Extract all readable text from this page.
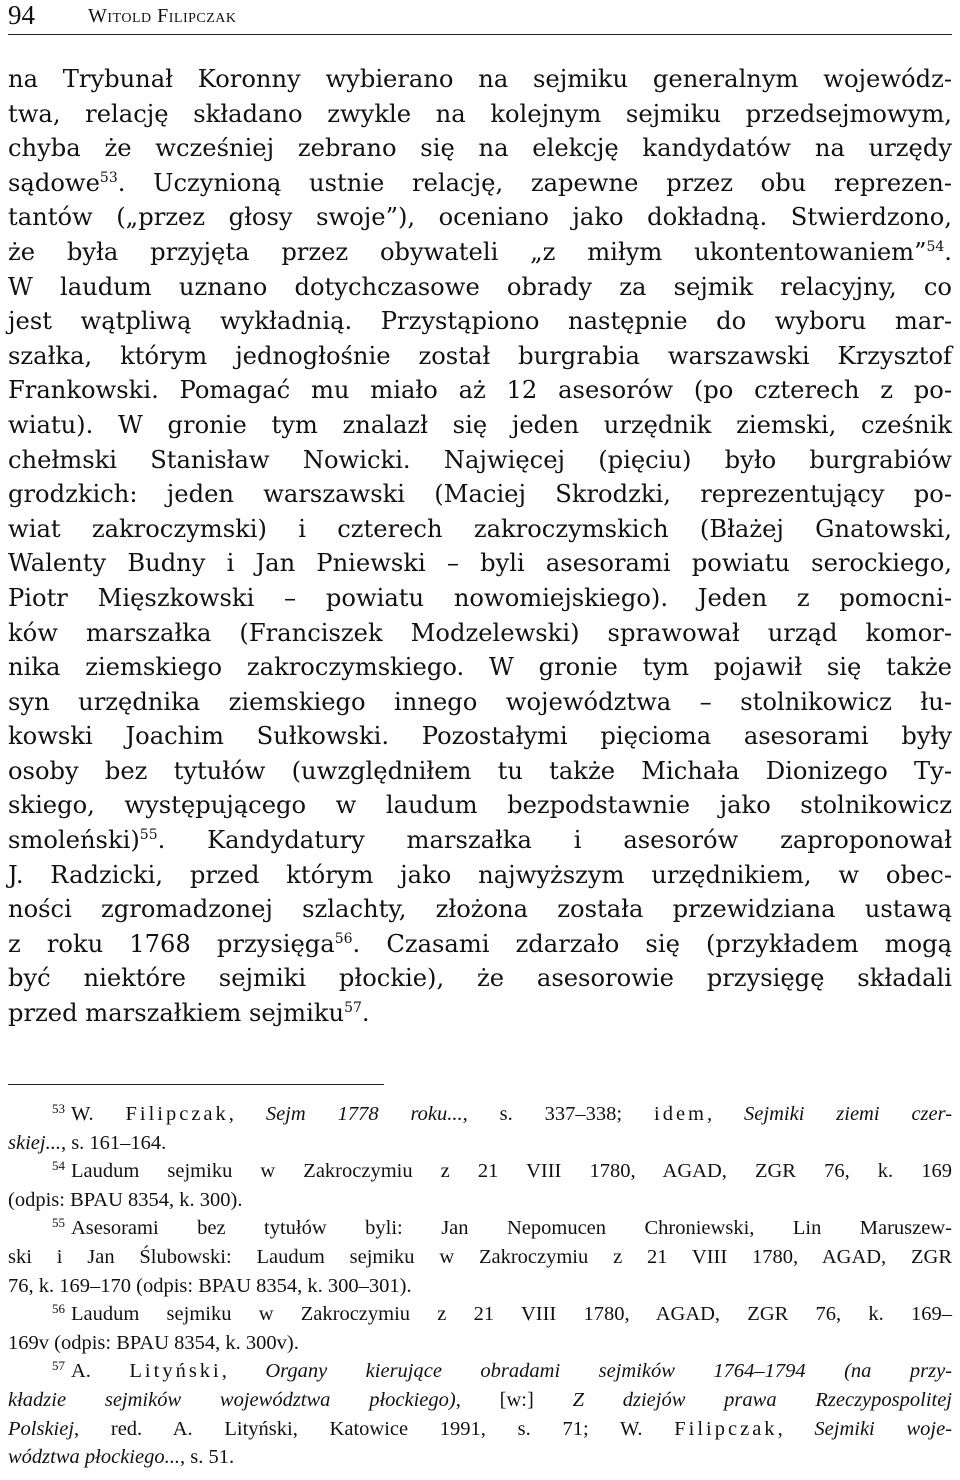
94	Witold Filipczak
na Trybunał Koronny wybierano na sejmiku generalnym wojewódz-
twa, relację składano zwykle na kolejnym sejmiku przedsejmowym,
chyba że wcześniej zebrano się na elekcję kandydatów na urzędy
sądowe$^{53}$. Uczynioną ustnie relację, zapewne przez obu reprezen-
tantów („przez głosy swoje”), oceniano jako dokładną. Stwierdzono,
że była przyjęta przez obywateli „z miłym ukontentowaniem”$^{54}$.
W laudum uznano dotychczasowe obrady za sejmik relacyjny, co
jest wątpliwą wykładnią. Przystąpiono następnie do wyboru mar-
szałka, którym jednogłośnie został burgrabia warszawski Krzysztof
Frankowski. Pomagać mu miało aż 12 asesorów (po czterech z po-
wiatu). W gronie tym znalazł się jeden urzędnik ziemski, cześnik
chełmski Stanisław Nowicki. Najwięcej (pięciu) było burgrabiów
grodzkich: jeden warszawski (Maciej Skrodzki, reprezentujący po-
wiat zakroczymski) i czterech zakroczymskich (Błażej Gnatowski,
Walenty Budny i Jan Pniewski – byli asesorami powiatu serockiego,
Piotr Mięszkowski – powiatu nowomiejskiego). Jeden z pomocni-
ków marszałka (Franciszek Modzelewski) sprawował urząd komor-
nika ziemskiego zakroczymskiego. W gronie tym pojawił się także
syn urzędnika ziemskiego innego województwa – stolnikowicz łu-
kowski Joachim Sułkowski. Pozostałymi pięcioma asesorami były
osoby bez tytułów (uwzględniłem tu także Michała Dionizego Ty-
skiego, występującego w laudum bezpodstawnie jako stolnikowicz
smoleński)$^{55}$. Kandydatury marszałka i asesorów zaproponował
J. Radzicki, przed którym jako najwyższym urzędnikiem, w obec-
ności zgromadzonej szlachty, złożona została przewidziana ustawą
z roku 1768 przysięga$^{56}$. Czasami zdarzało się (przykładem mogą
być niektóre sejmiki płockie), że asesorowie przysięgę składali
przed marszałkiem sejmiku$^{57}$.
$^{53}$ W. Filipczak, Sejm 1778 roku..., s. 337–338; idem, Sejmiki ziemi czer-
skiej..., s. 161–164.
$^{54}$ Laudum sejmiku w Zakroczymiu z 21 VIII 1780, AGAD, ZGR 76, k. 169
(odpis: BPAU 8354, k. 300).
$^{55}$ Asesorami bez tytułów byli: Jan Nepomucen Chroniewski, Lin Maruszew-
ski i Jan Ślubowski: Laudum sejmiku w Zakroczymiu z 21 VIII 1780, AGAD, ZGR
76, k. 169–170 (odpis: BPAU 8354, k. 300–301).
$^{56}$ Laudum sejmiku w Zakroczymiu z 21 VIII 1780, AGAD, ZGR 76, k. 169–
169v (odpis: BPAU 8354, k. 300v).
$^{57}$ A. Lityński, Organy kierujące obradami sejmików 1764–1794 (na przy-
kładzie sejmików województwa płockiego), [w:] Z dziejów prawa Rzeczypospolitej
Polskiej, red. A. Lityński, Katowice 1991, s. 71; W. Filipczak, Sejmiki woje-
wództwa płockiego..., s. 51.
